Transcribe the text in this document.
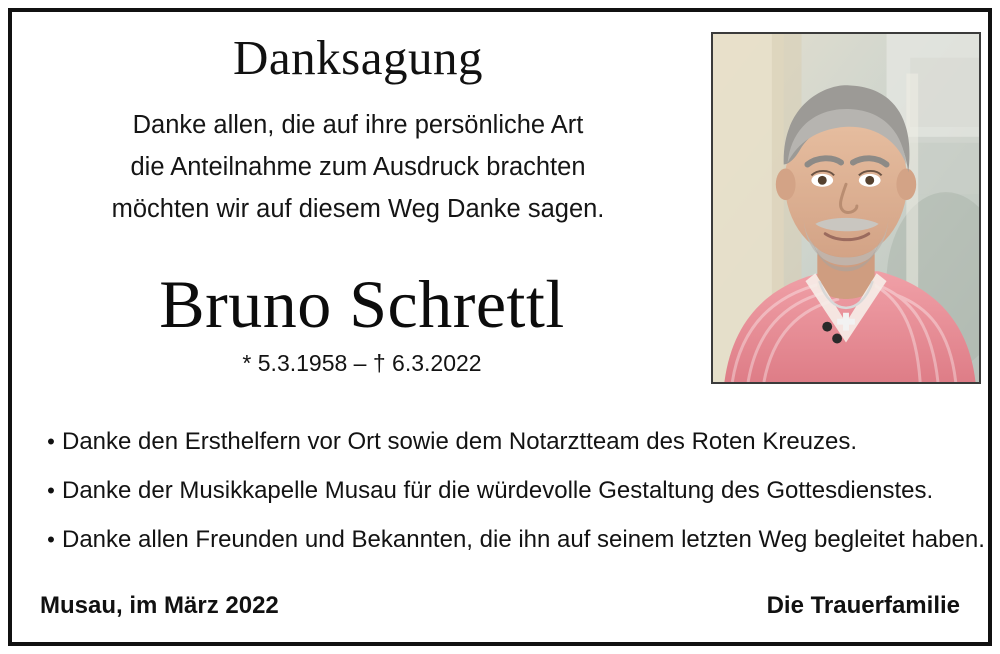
Danksagung
Danke allen, die auf ihre persönliche Art
die Anteilnahme zum Ausdruck brachten
möchten wir auf diesem Weg Danke sagen.
Bruno Schrettl
* 5.3.1958 – † 6.3.2022
• Danke den Ersthelfern vor Ort sowie dem Notarztteam des Roten Kreuzes.
• Danke der Musikkapelle Musau für die würdevolle Gestaltung des Gottesdienstes.
• Danke allen Freunden und Bekannten, die ihn auf seinem letzten Weg begleitet haben.
Musau, im März 2022	Die Trauerfamilie
